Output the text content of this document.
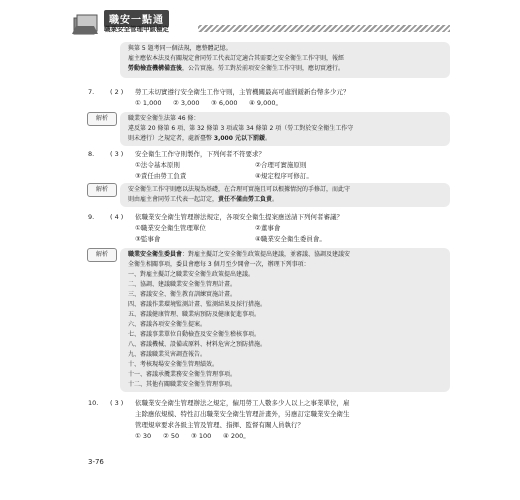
職安一點通
職業安全管理甲級檢定
與第 5 題考同一個法規，應整體記憶。
雇主應依本法及有關規定會同勞工代表訂定適合其需要之安全衛生工作守則，報經
勞動檢查機構備查後，公告實施。勞工對於前項安全衛生工作守則，應切實遵行。
7. ( 2 ) 勞工未切實遵行安全衛生工作守則，主管機關最高可處罰鍰新台幣多少元？
① 1,000 ② 3,000 ③ 6,000 ④ 9,000。
解析	職業安全衛生法第 46 條：
違反第 20 條第 6 項、第 32 條第 3 項或第 34 條第 2 項（勞工對於安全衛生工作守
則未遵行）之規定者，處新臺幣 3,000 元以下罰鍰。
8. ( 3 ) 安全衛生工作守則製作，下列何者不符要求？
①法令基本原則	②合理可實施原則
③責任由勞工負責	④規定程序可修訂。
解析	安全衛生工作守則應以法規為基礎，在合理可實施且可以根據情況的手修訂，而此守
則由雇主會同勞工代表一起訂定，責任不僅由勞工負責。
9. ( 4 ) 依職業安全衛生管理辦法規定，各項安全衛生提案應送請下列何者審議？
①職業安全衛生管理單位	②董事會
③監事會	④職業安全衛生委員會。
解析	職業安全衛生委員會：對雇主擬訂之安全衛生政策提出建議，並審議、協調及建議安
全衛生相關事項，委員會應每 3 個月至少開會一次，辦理下列事項：
一、對雇主擬訂之職業安全衛生政策提出建議。
二、協調、建議職業安全衛生管理計畫。
三、審議安全、衛生教育訓練實施計畫。
四、審議作業環境監測計畫、監測結果及採行措施。
五、審議健康管理、職業病預防及健康促進事項。
六、審議各項安全衛生提案。
七、審議事業單位自動檢查及安全衛生稽核事項。
八、審議機械、設備或原料、材料危害之預防措施。
九、審議職業災害調查報告。
十、考核現場安全衛生管理績效。
十一、審議承攬業務安全衛生管理事項。
十二、其他有關職業安全衛生管理事項。
10. ( 3 ) 依職業安全衛生管理辦法之規定，僱用勞工人數多少人以上之事業單位，雇
主除應依規模、特性訂出職業安全衛生管理計畫外，另應訂定職業安全衛生
管理規章要求各級主管及管理、指揮、監督有關人員執行？
① 30 ② 50 ③ 100 ④ 200。
3-76
